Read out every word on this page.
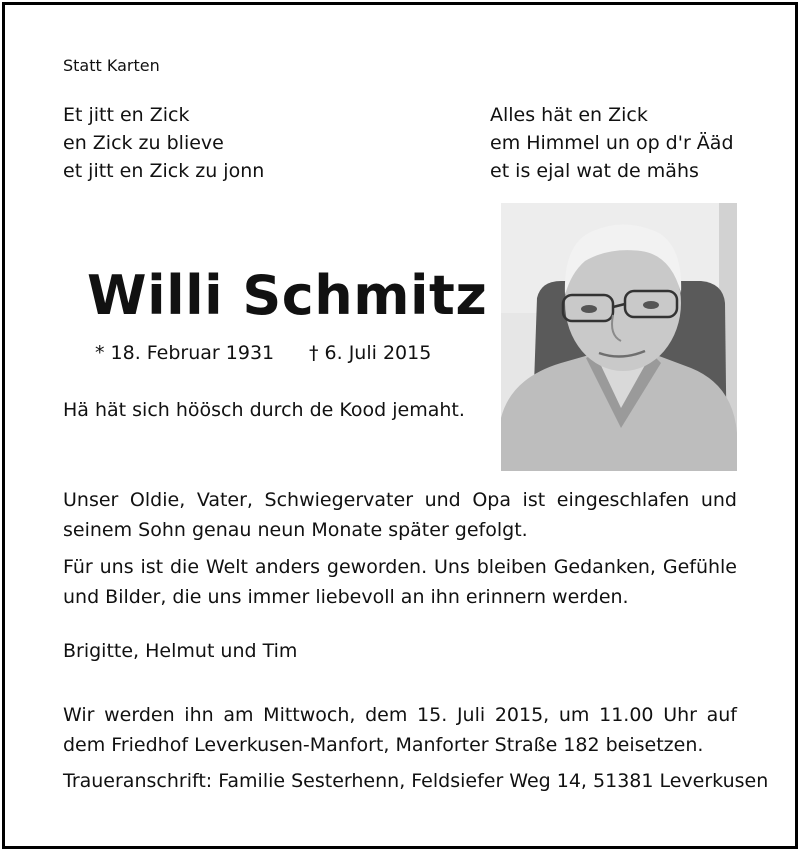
Statt Karten
Et jitt en Zick
en Zick zu blieve
et jitt en Zick zu jonn
Alles hät en Zick
em Himmel un op d'r Ääd
et is ejal wat de mähs
Willi Schmitz
* 18. Februar 1931 † 6. Juli 2015
Hä hät sich höösch durch de Kood jemaht.
Unser Oldie, Vater, Schwiegervater und Opa ist eingeschlafen und seinem Sohn genau neun Monate später gefolgt.
Für uns ist die Welt anders geworden. Uns bleiben Gedanken, Gefühle und Bilder, die uns immer liebevoll an ihn erinnern werden.
Brigitte, Helmut und Tim
Wir werden ihn am Mittwoch, dem 15. Juli 2015, um 11.00 Uhr auf dem Friedhof Leverkusen-Manfort, Manforter Straße 182 beisetzen.
Traueranschrift: Familie Sesterhenn, Feldsiefer Weg 14, 51381 Leverkusen
